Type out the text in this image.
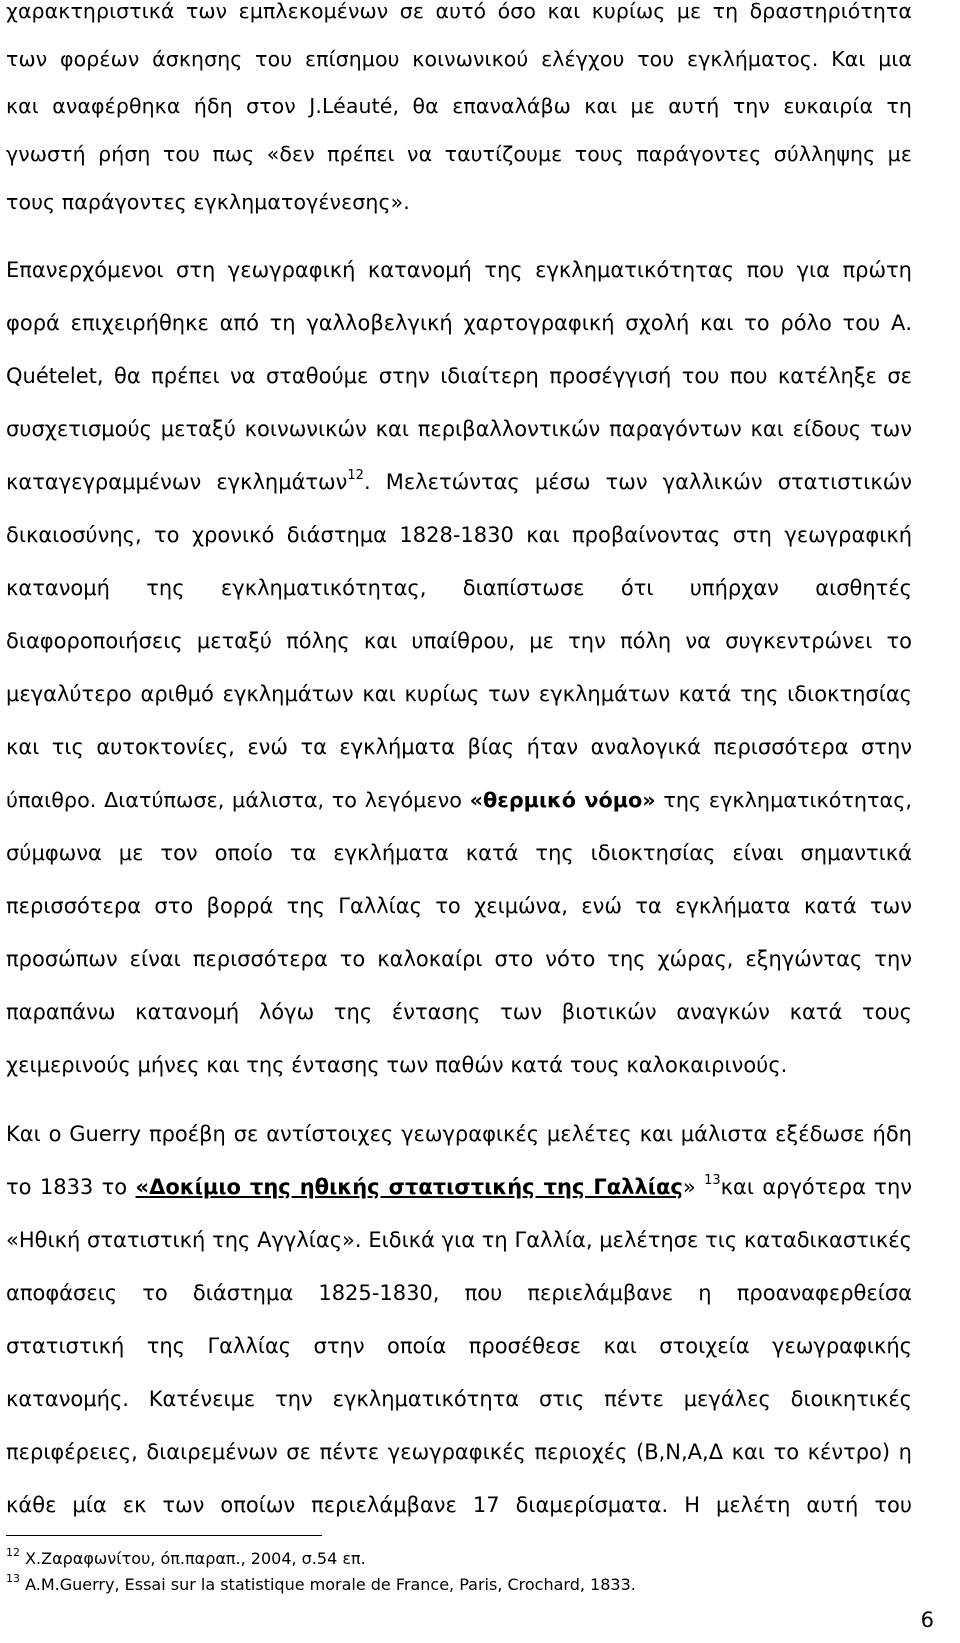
χαρακτηριστικά των εμπλεκομένων σε αυτό όσο και κυρίως με τη δραστηριότητα
των φορέων άσκησης του επίσημου κοινωνικού ελέγχου του εγκλήματος. Και μια
και αναφέρθηκα ήδη στον J.Léauté, θα επαναλάβω και με αυτή την ευκαιρία τη
γνωστή ρήση του πως «δεν πρέπει να ταυτίζουμε τους παράγοντες σύλληψης με
τους παράγοντες εγκληματογένεσης».
Επανερχόμενοι στη γεωγραφική κατανομή της εγκληματικότητας που για πρώτη
φορά επιχειρήθηκε από τη γαλλοβελγική χαρτογραφική σχολή και το ρόλο του Α.
Quételet, θα πρέπει να σταθούμε στην ιδιαίτερη προσέγγισή του που κατέληξε σε
συσχετισμούς μεταξύ κοινωνικών και περιβαλλοντικών παραγόντων και είδους των
καταγεγραμμένων εγκλημάτων$^{12}$. Μελετώντας μέσω των γαλλικών στατιστικών
δικαιοσύνης, το χρονικό διάστημα 1828-1830 και προβαίνοντας στη γεωγραφική
κατανομή της εγκληματικότητας, διαπίστωσε ότι υπήρχαν αισθητές
διαφοροποιήσεις μεταξύ πόλης και υπαίθρου, με την πόλη να συγκεντρώνει το
μεγαλύτερο αριθμό εγκλημάτων και κυρίως των εγκλημάτων κατά της ιδιοκτησίας
και τις αυτοκτονίες, ενώ τα εγκλήματα βίας ήταν αναλογικά περισσότερα στην
ύπαιθρο. Διατύπωσε, μάλιστα, το λεγόμενο «θερμικό νόμο» της εγκληματικότητας,
σύμφωνα με τον οποίο τα εγκλήματα κατά της ιδιοκτησίας είναι σημαντικά
περισσότερα στο βορρά της Γαλλίας το χειμώνα, ενώ τα εγκλήματα κατά των
προσώπων είναι περισσότερα το καλοκαίρι στο νότο της χώρας, εξηγώντας την
παραπάνω κατανομή λόγω της έντασης των βιοτικών αναγκών κατά τους
χειμερινούς μήνες και της έντασης των παθών κατά τους καλοκαιρινούς.
Και ο Guerry προέβη σε αντίστοιχες γεωγραφικές μελέτες και μάλιστα εξέδωσε ήδη
το 1833 το «Δοκίμιο της ηθικής στατιστικής της Γαλλίας» $^{13}$και αργότερα την
«Ηθική στατιστική της Αγγλίας». Ειδικά για τη Γαλλία, μελέτησε τις καταδικαστικές
αποφάσεις το διάστημα 1825-1830, που περιελάμβανε η προαναφερθείσα
στατιστική της Γαλλίας στην οποία προσέθεσε και στοιχεία γεωγραφικής
κατανομής. Κατένειμε την εγκληματικότητα στις πέντε μεγάλες διοικητικές
περιφέρειες, διαιρεμένων σε πέντε γεωγραφικές περιοχές (Β,Ν,Α,Δ και το κέντρο) η
κάθε μία εκ των οποίων περιελάμβανε 17 διαμερίσματα. Η μελέτη αυτή του
$^{12}$ Χ.Ζαραφωνίτου, όπ.παραπ., 2004, σ.54 επ.
$^{13}$ A.M.Guerry, Essai sur la statistique morale de France, Paris, Crochard, 1833.
6
